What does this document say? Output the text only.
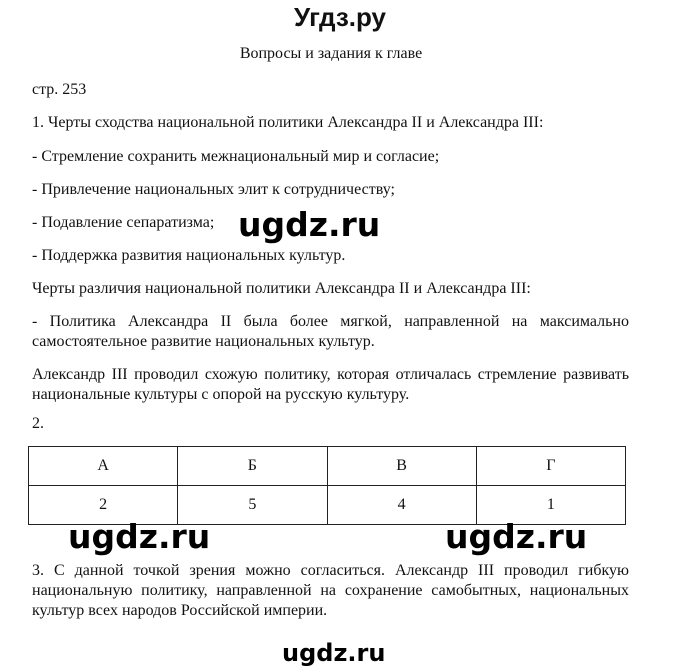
Угдз.ру
Вопросы и задания к главе
стр. 253
1. Черты сходства национальной политики Александра II и Александра III:
- Стремление сохранить межнациональный мир и согласие;
- Привлечение национальных элит к сотрудничеству;
- Подавление сепаратизма;
- Поддержка развития национальных культур.
Черты различия национальной политики Александра II и Александра III:
- Политика Александра II была более мягкой, направленной на максимально самостоятельное развитие национальных культур.
Александр III проводил схожую политику, которая отличалась стремление развивать национальные культуры с опорой на русскую культуру.
2.
А	Б	В	Г
2	5	4	1
3. С данной точкой зрения можно согласиться. Александр III проводил гибкую национальную политику, направленной на сохранение самобытных, национальных культур всех народов Российской империи.
ugdz.ru
ugdz.ru	ugdz.ru
ugdz.ru
